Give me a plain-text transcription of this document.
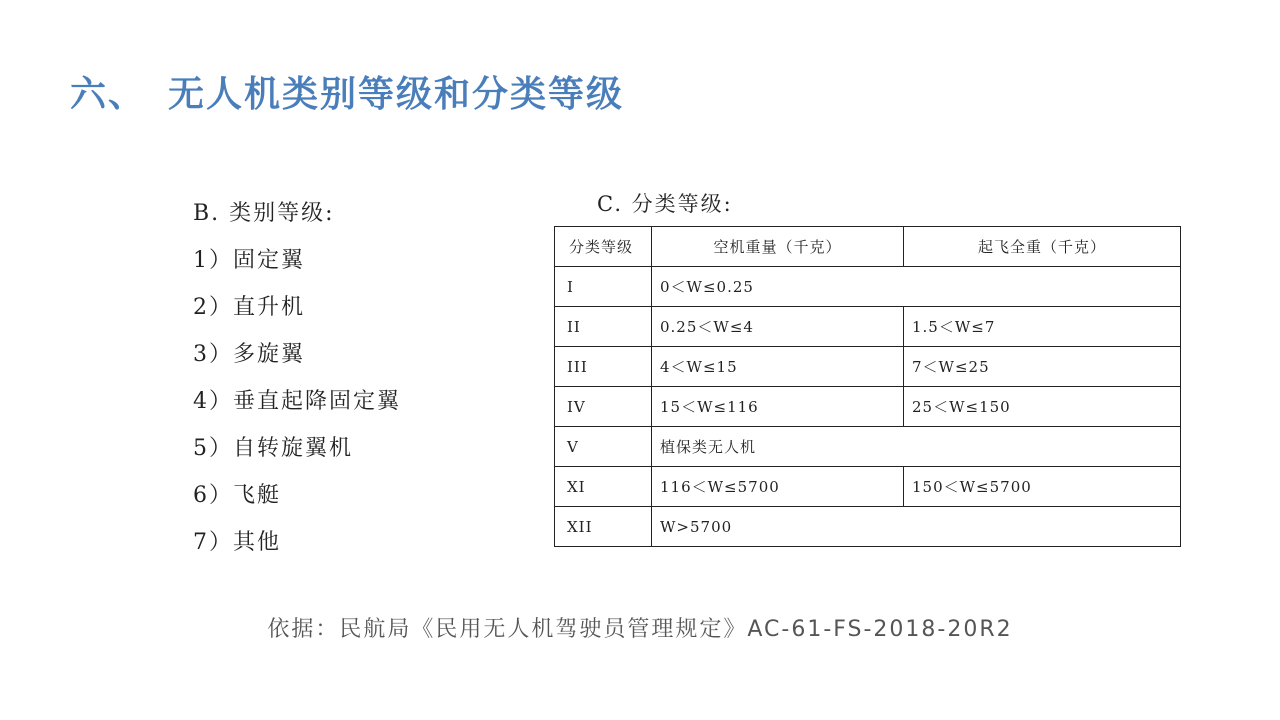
六、 无人机类别等级和分类等级
B. 类别等级:
1）固定翼
2）直升机
3）多旋翼
4）垂直起降固定翼
5）自转旋翼机
6）飞艇
7）其他
C. 分类等级:
分类等级	空机重量（千克）	起飞全重（千克）
I	0＜W≤0.25	
II	0.25＜W≤4	1.5＜W≤7
III	4＜W≤15	7＜W≤25
IV	15＜W≤116	25＜W≤150
V	植保类无人机	
XI	116＜W≤5700	150＜W≤5700
XII	W>5700	

依据：民航局《民用无人机驾驶员管理规定》AC-61-FS-2018-20R2
